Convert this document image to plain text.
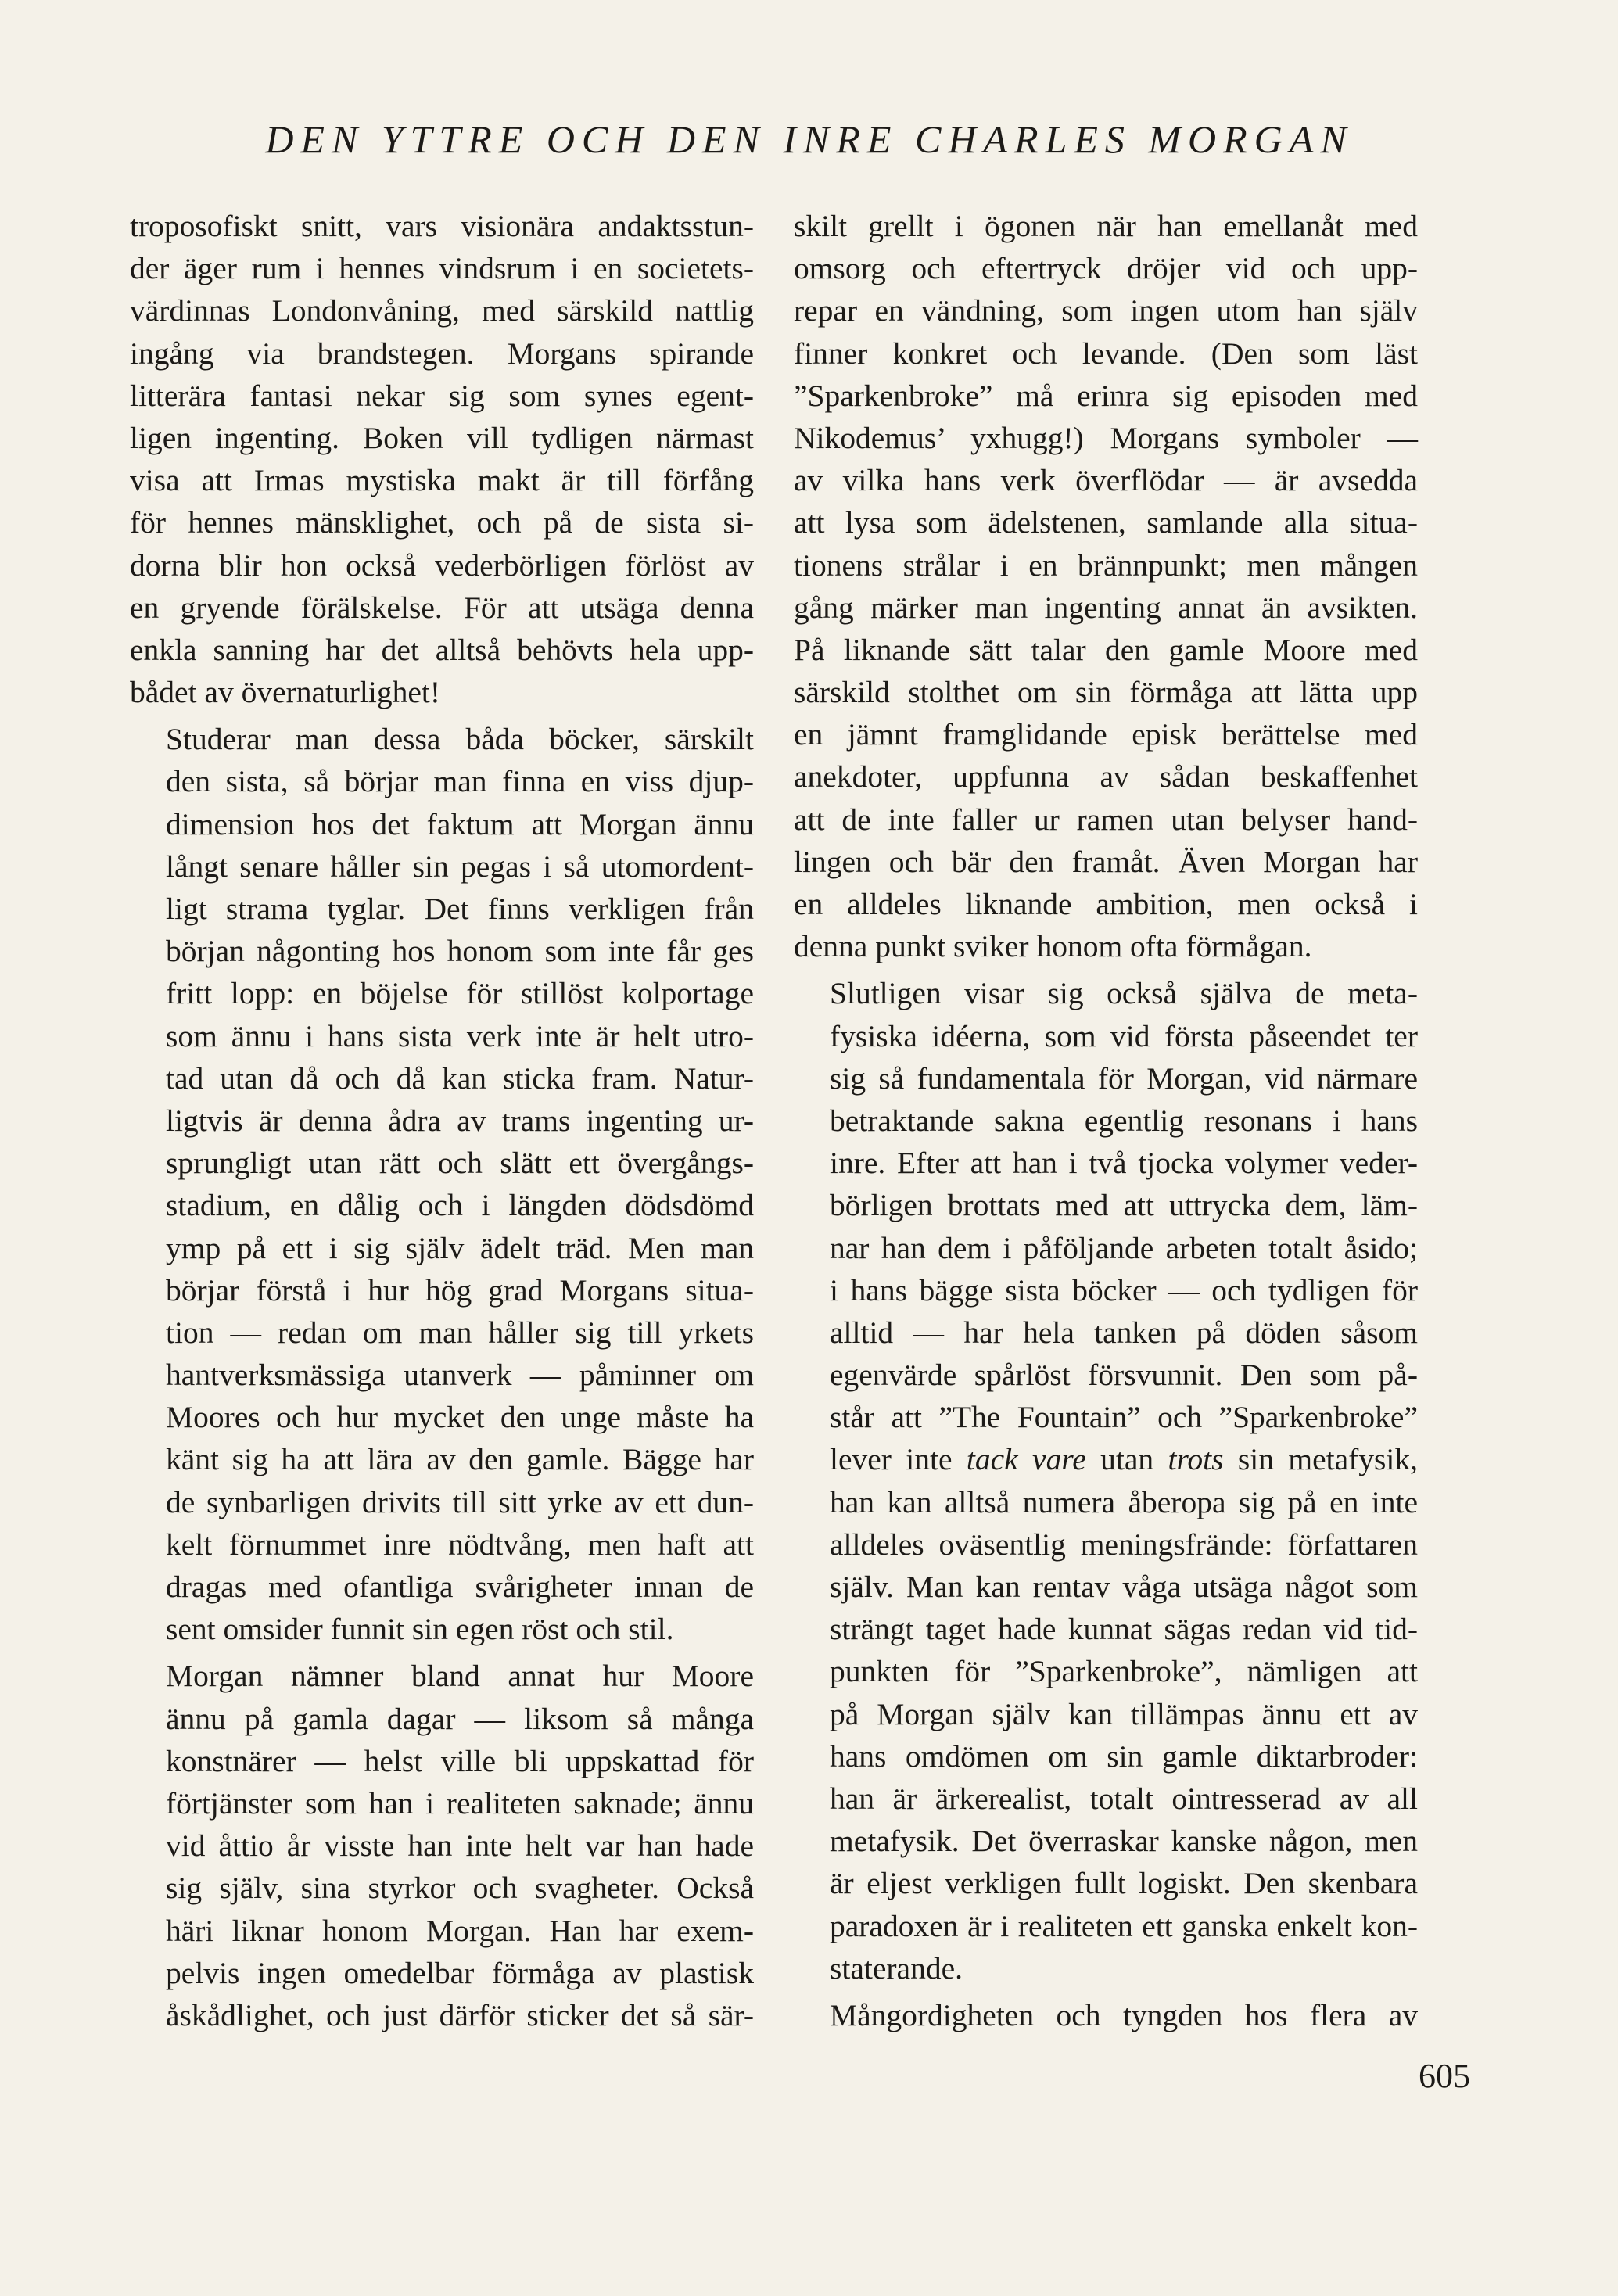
DEN YTTRE OCH DEN INRE CHARLES MORGAN
troposofiskt snitt, vars visionära andaktsstun-
der äger rum i hennes vindsrum i en societets-
värdinnas Londonvåning, med särskild nattlig
ingång via brandstegen. Morgans spirande
litterära fantasi nekar sig som synes egent-
ligen ingenting. Boken vill tydligen närmast
visa att Irmas mystiska makt är till förfång
för hennes mänsklighet, och på de sista si-
dorna blir hon också vederbörligen förlöst av
en gryende förälskelse. För att utsäga denna
enkla sanning har det alltså behövts hela upp-
bådet av övernaturlighet!
Studerar man dessa båda böcker, särskilt
den sista, så börjar man finna en viss djup-
dimension hos det faktum att Morgan ännu
långt senare håller sin pegas i så utomordent-
ligt strama tyglar. Det finns verkligen från
början någonting hos honom som inte får ges
fritt lopp: en böjelse för stillöst kolportage
som ännu i hans sista verk inte är helt utro-
tad utan då och då kan sticka fram. Natur-
ligtvis är denna ådra av trams ingenting ur-
sprungligt utan rätt och slätt ett övergångs-
stadium, en dålig och i längden dödsdömd
ymp på ett i sig själv ädelt träd. Men man
börjar förstå i hur hög grad Morgans situa-
tion — redan om man håller sig till yrkets
hantverksmässiga utanverk — påminner om
Moores och hur mycket den unge måste ha
känt sig ha att lära av den gamle. Bägge har
de synbarligen drivits till sitt yrke av ett dun-
kelt förnummet inre nödtvång, men haft att
dragas med ofantliga svårigheter innan de
sent omsider funnit sin egen röst och stil.
Morgan nämner bland annat hur Moore
ännu på gamla dagar — liksom så många
konstnärer — helst ville bli uppskattad för
förtjänster som han i realiteten saknade; ännu
vid åttio år visste han inte helt var han hade
sig själv, sina styrkor och svagheter. Också
häri liknar honom Morgan. Han har exem-
pelvis ingen omedelbar förmåga av plastisk
åskådlighet, och just därför sticker det så sär-
skilt grellt i ögonen när han emellanåt med
omsorg och eftertryck dröjer vid och upp-
repar en vändning, som ingen utom han själv
finner konkret och levande. (Den som läst
”Sparkenbroke” må erinra sig episoden med
Nikodemus’ yxhugg!) Morgans symboler —
av vilka hans verk överflödar — är avsedda
att lysa som ädelstenen, samlande alla situa-
tionens strålar i en brännpunkt; men mången
gång märker man ingenting annat än avsikten.
På liknande sätt talar den gamle Moore med
särskild stolthet om sin förmåga att lätta upp
en jämnt framglidande episk berättelse med
anekdoter, uppfunna av sådan beskaffenhet
att de inte faller ur ramen utan belyser hand-
lingen och bär den framåt. Även Morgan har
en alldeles liknande ambition, men också i
denna punkt sviker honom ofta förmågan.
Slutligen visar sig också själva de meta-
fysiska idéerna, som vid första påseendet ter
sig så fundamentala för Morgan, vid närmare
betraktande sakna egentlig resonans i hans
inre. Efter att han i två tjocka volymer veder-
börligen brottats med att uttrycka dem, läm-
nar han dem i påföljande arbeten totalt åsido;
i hans bägge sista böcker — och tydligen för
alltid — har hela tanken på döden såsom
egenvärde spårlöst försvunnit. Den som på-
står att ”The Fountain” och ”Sparkenbroke”
lever inte tack vare utan trots sin metafysik,
han kan alltså numera åberopa sig på en inte
alldeles oväsentlig meningsfrände: författaren
själv. Man kan rentav våga utsäga något som
strängt taget hade kunnat sägas redan vid tid-
punkten för ”Sparkenbroke”, nämligen att
på Morgan själv kan tillämpas ännu ett av
hans omdömen om sin gamle diktarbroder:
han är ärkerealist, totalt ointresserad av all
metafysik. Det överraskar kanske någon, men
är eljest verkligen fullt logiskt. Den skenbara
paradoxen är i realiteten ett ganska enkelt kon-
staterande.
Mångordigheten och tyngden hos flera av
605
